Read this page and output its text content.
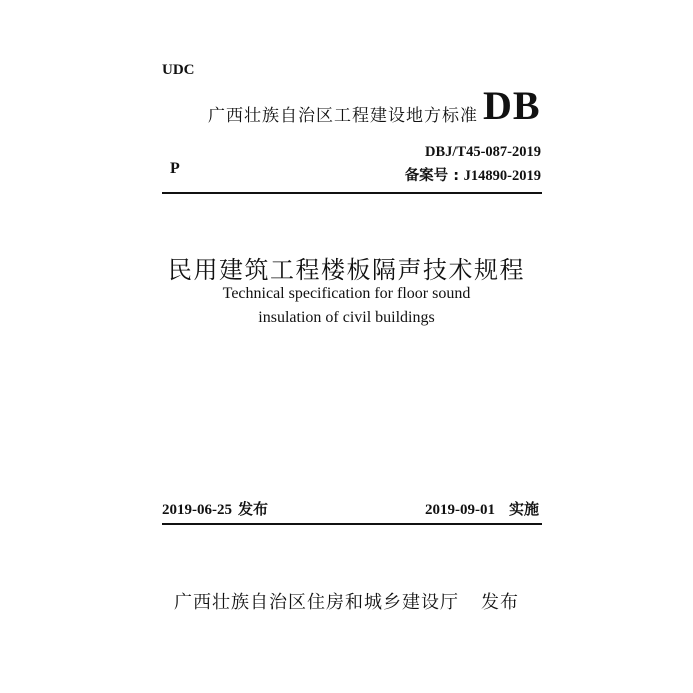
UDC
广西壮族自治区工程建设地方标准 DB
DBJ/T45-087-2019
P	备案号 : J14890-2019
民用建筑工程楼板隔声技术规程
Technical specification for floor sound
insulation of civil buildings
2019-06-25 发布	2019-09-01 实施
广西壮族自治区住房和城乡建设厅 发布
